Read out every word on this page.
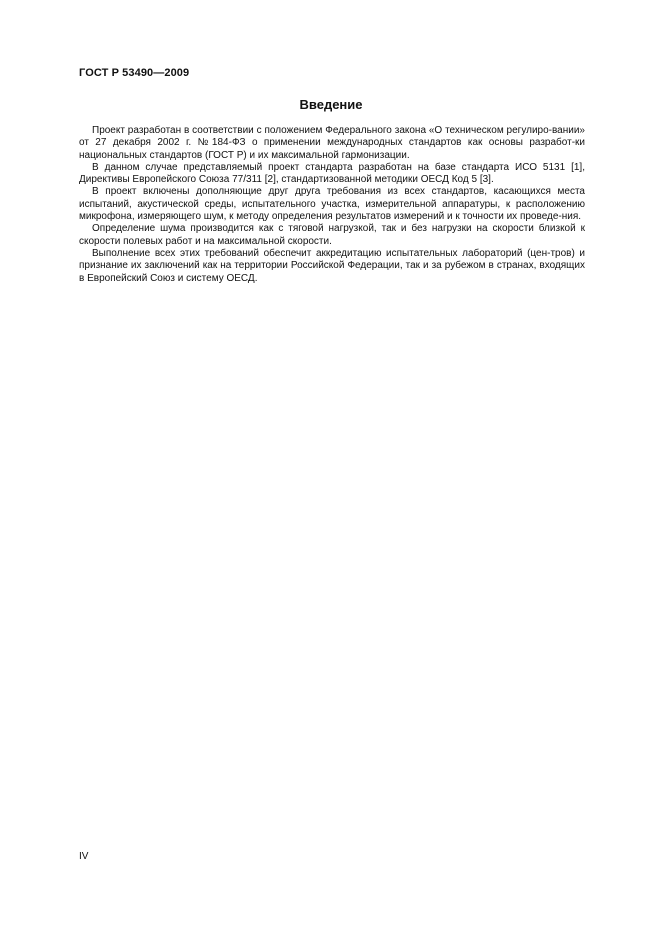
ГОСТ Р 53490—2009
Введение

Проект разработан в соответствии с положением Федерального закона «О техническом регулиро-вании» от 27 декабря 2002 г. №184-ФЗ о применении международных стандартов как основы разработ-ки национальных стандартов (ГОСТ Р) и их максимальной гармонизации.

В данном случае представляемый проект стандарта разработан на базе стандарта ИСО 5131 [1], Директивы Европейского Союза 77/311 [2], стандартизованной методики ОЕСД Код 5 [3].

В проект включены дополняющие друг друга требования из всех стандартов, касающихся места испытаний, акустической среды, испытательного участка, измерительной аппаратуры, к расположению микрофона, измеряющего шум, к методу определения результатов измерений и к точности их проведе-ния.

Определение шума производится как с тяговой нагрузкой, так и без нагрузки на скорости близкой к скорости полевых работ и на максимальной скорости.

Выполнение всех этих требований обеспечит аккредитацию испытательных лабораторий (цен-тров) и признание их заключений как на территории Российской Федерации, так и за рубежом в странах, входящих в Европейский Союз и систему ОЕСД.

IV
